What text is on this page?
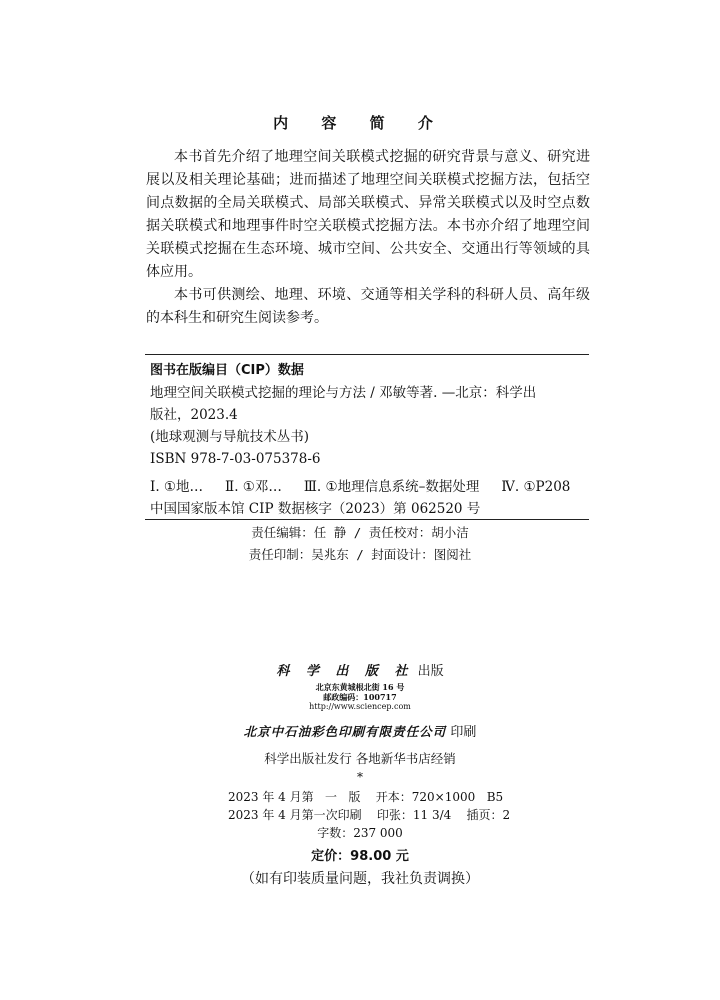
内 容 简 介

本书首先介绍了地理空间关联模式挖掘的研究背景与意义、研究进展以及相关理论基础；进而描述了地理空间关联模式挖掘方法，包括空间点数据的全局关联模式、局部关联模式、异常关联模式以及时空点数据关联模式和地理事件时空关联模式挖掘方法。本书亦介绍了地理空间关联模式挖掘在生态环境、城市空间、公共安全、交通出行等领域的具体应用。

本书可供测绘、地理、环境、交通等相关学科的科研人员、高年级的本科生和研究生阅读参考。

图书在版编目（CIP）数据
地理空间关联模式挖掘的理论与方法 / 邓敏等著. —北京：科学出
版社，2023.4
(地球观测与导航技术丛书)
ISBN 978-7-03-075378-6
Ⅰ. ①地… Ⅱ. ①邓… Ⅲ. ①地理信息系统–数据处理 Ⅳ. ①P208
中国国家版本馆 CIP 数据核字（2023）第 062520 号
责任编辑：任 静 / 责任校对：胡小洁
责任印制：吴兆东 / 封面设计：图阅社
科 学 出 版 社 出版
北京东黄城根北街 16 号
邮政编码：100717
http://www.sciencep.com
北京中石油彩色印刷有限责任公司 印刷
科学出版社发行 各地新华书店经销
*
2023 年 4 月第   一   版    开本：720×1000   B5
2023 年 4 月第一次印刷    印张：11 3/4    插页：2
字数：237 000
定价：98.00 元
（如有印装质量问题，我社负责调换）
